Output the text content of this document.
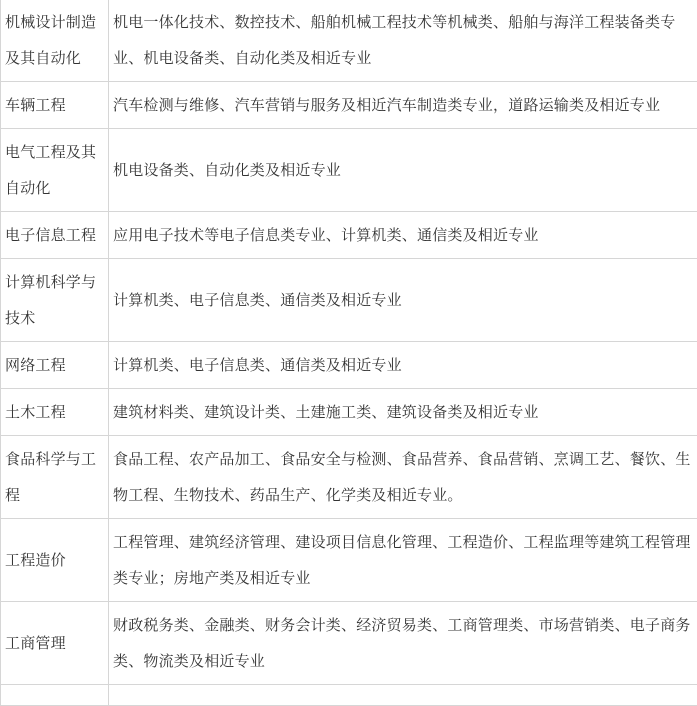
机械设计制造及其自动化	机电一体化技术、数控技术、船舶机械工程技术等机械类、船舶与海洋工程装备类专业、机电设备类、自动化类及相近专业
车辆工程	汽车检测与维修、汽车营销与服务及相近汽车制造类专业，道路运输类及相近专业
电气工程及其自动化	机电设备类、自动化类及相近专业
电子信息工程	应用电子技术等电子信息类专业、计算机类、通信类及相近专业
计算机科学与技术	计算机类、电子信息类、通信类及相近专业
网络工程	计算机类、电子信息类、通信类及相近专业
土木工程	建筑材料类、建筑设计类、土建施工类、建筑设备类及相近专业
食品科学与工程	食品工程、农产品加工、食品安全与检测、食品营养、食品营销、烹调工艺、餐饮、生物工程、生物技术、药品生产、化学类及相近专业。
工程造价	工程管理、建筑经济管理、建设项目信息化管理、工程造价、工程监理等建筑工程管理类专业；房地产类及相近专业
工商管理	财政税务类、金融类、财务会计类、经济贸易类、工商管理类、市场营销类、电子商务类、物流类及相近专业
